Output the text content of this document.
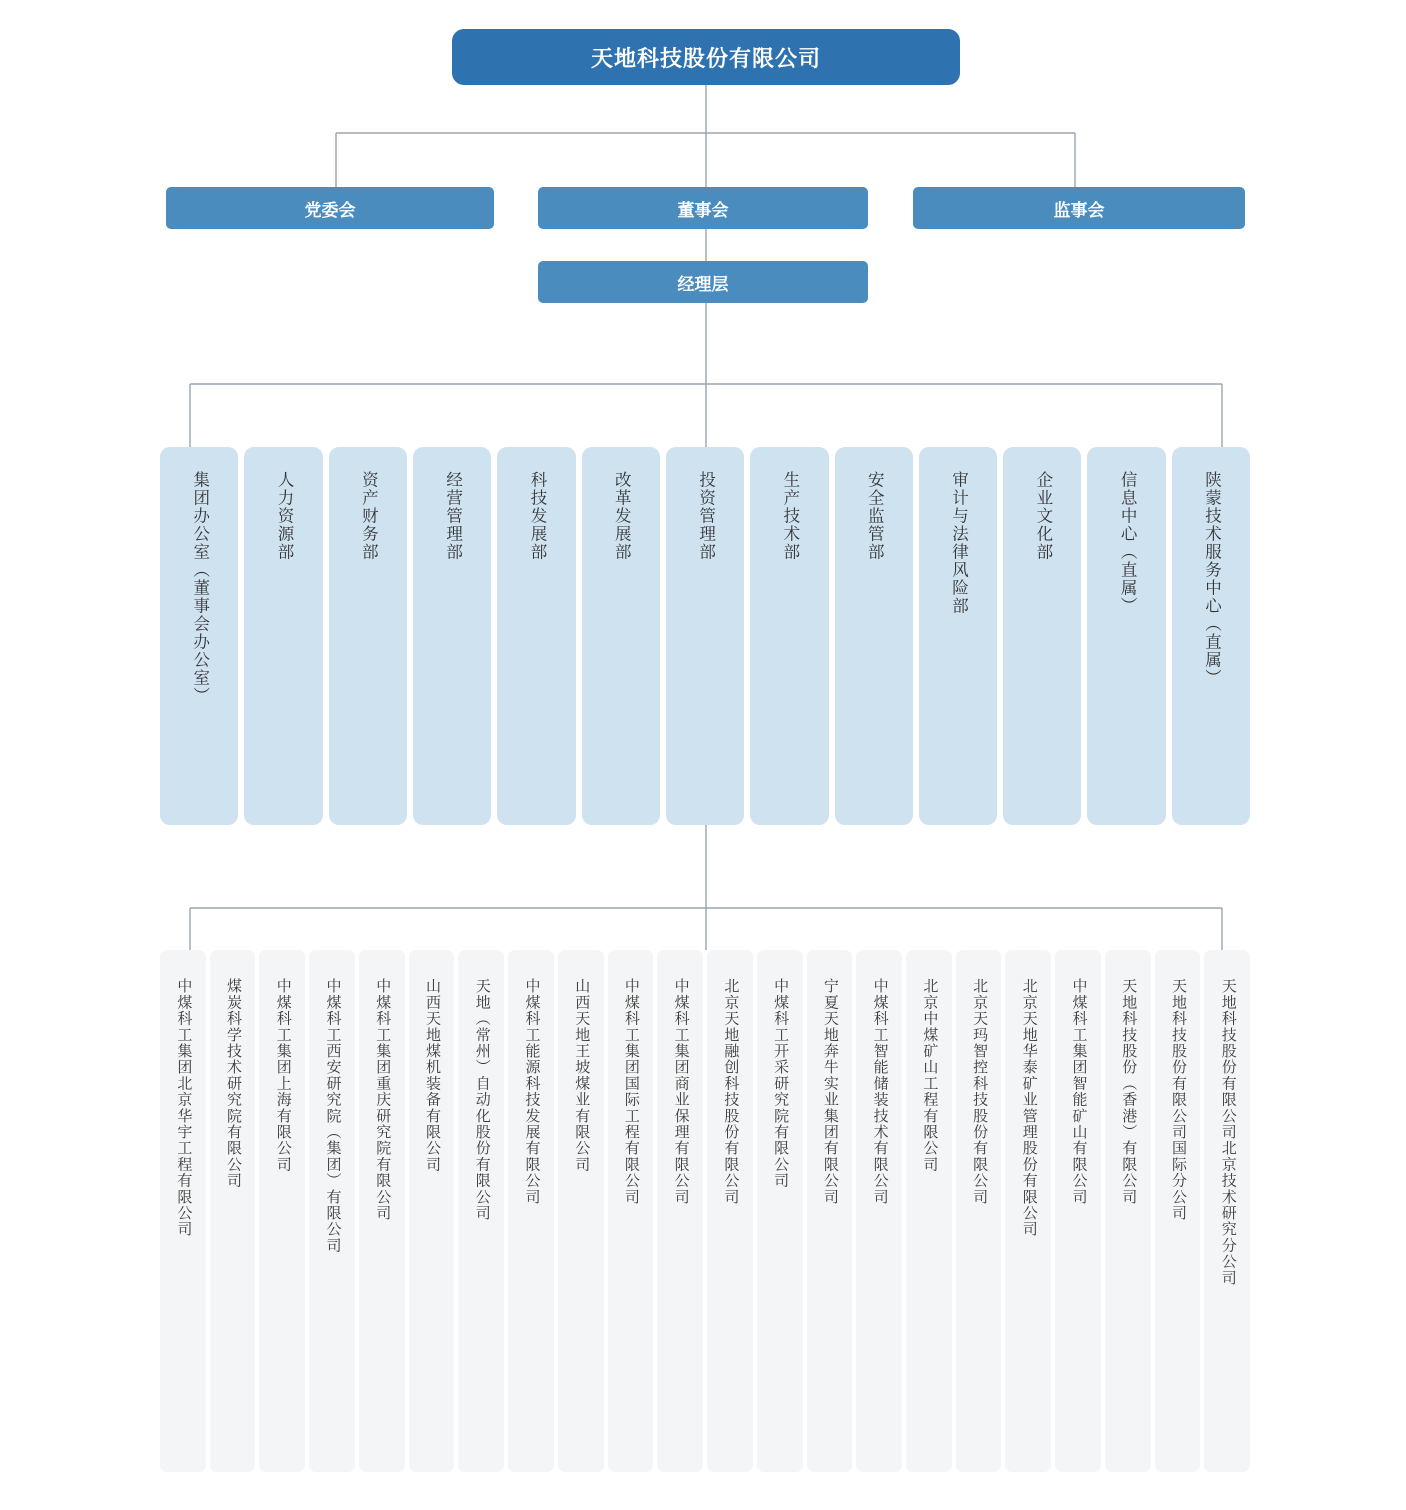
天地科技股份有限公司
党委会	董事会	监事会
经理层
集团办公室（董事会办公室）	人力资源部	资产财务部	经营管理部	科技发展部	改革发展部	投资管理部	生产技术部	安全监管部	审计与法律风险部	企业文化部	信息中心（直属）	陕蒙技术服务中心（直属）
中煤科工集团北京华宇工程有限公司 煤炭科学技术研究院有限公司 中煤科工集团上海有限公司 中煤科工西安研究院（集团）有限公司 中煤科工集团重庆研究院有限公司 山西天地煤机装备有限公司 天地（常州）自动化股份有限公司 中煤科工能源科技发展有限公司 山西天地王坡煤业有限公司 中煤科工集团国际工程有限公司 中煤科工集团商业保理有限公司 北京天地融创科技股份有限公司 中煤科工开采研究院有限公司 宁夏天地奔牛实业集团有限公司 中煤科工智能储装技术有限公司 北京中煤矿山工程有限公司 北京天玛智控科技股份有限公司 北京天地华泰矿业管理股份有限公司 中煤科工集团智能矿山有限公司 天地科技股份（香港）有限公司 天地科技股份有限公司国际分公司 天地科技股份有限公司北京技术研究分公司
